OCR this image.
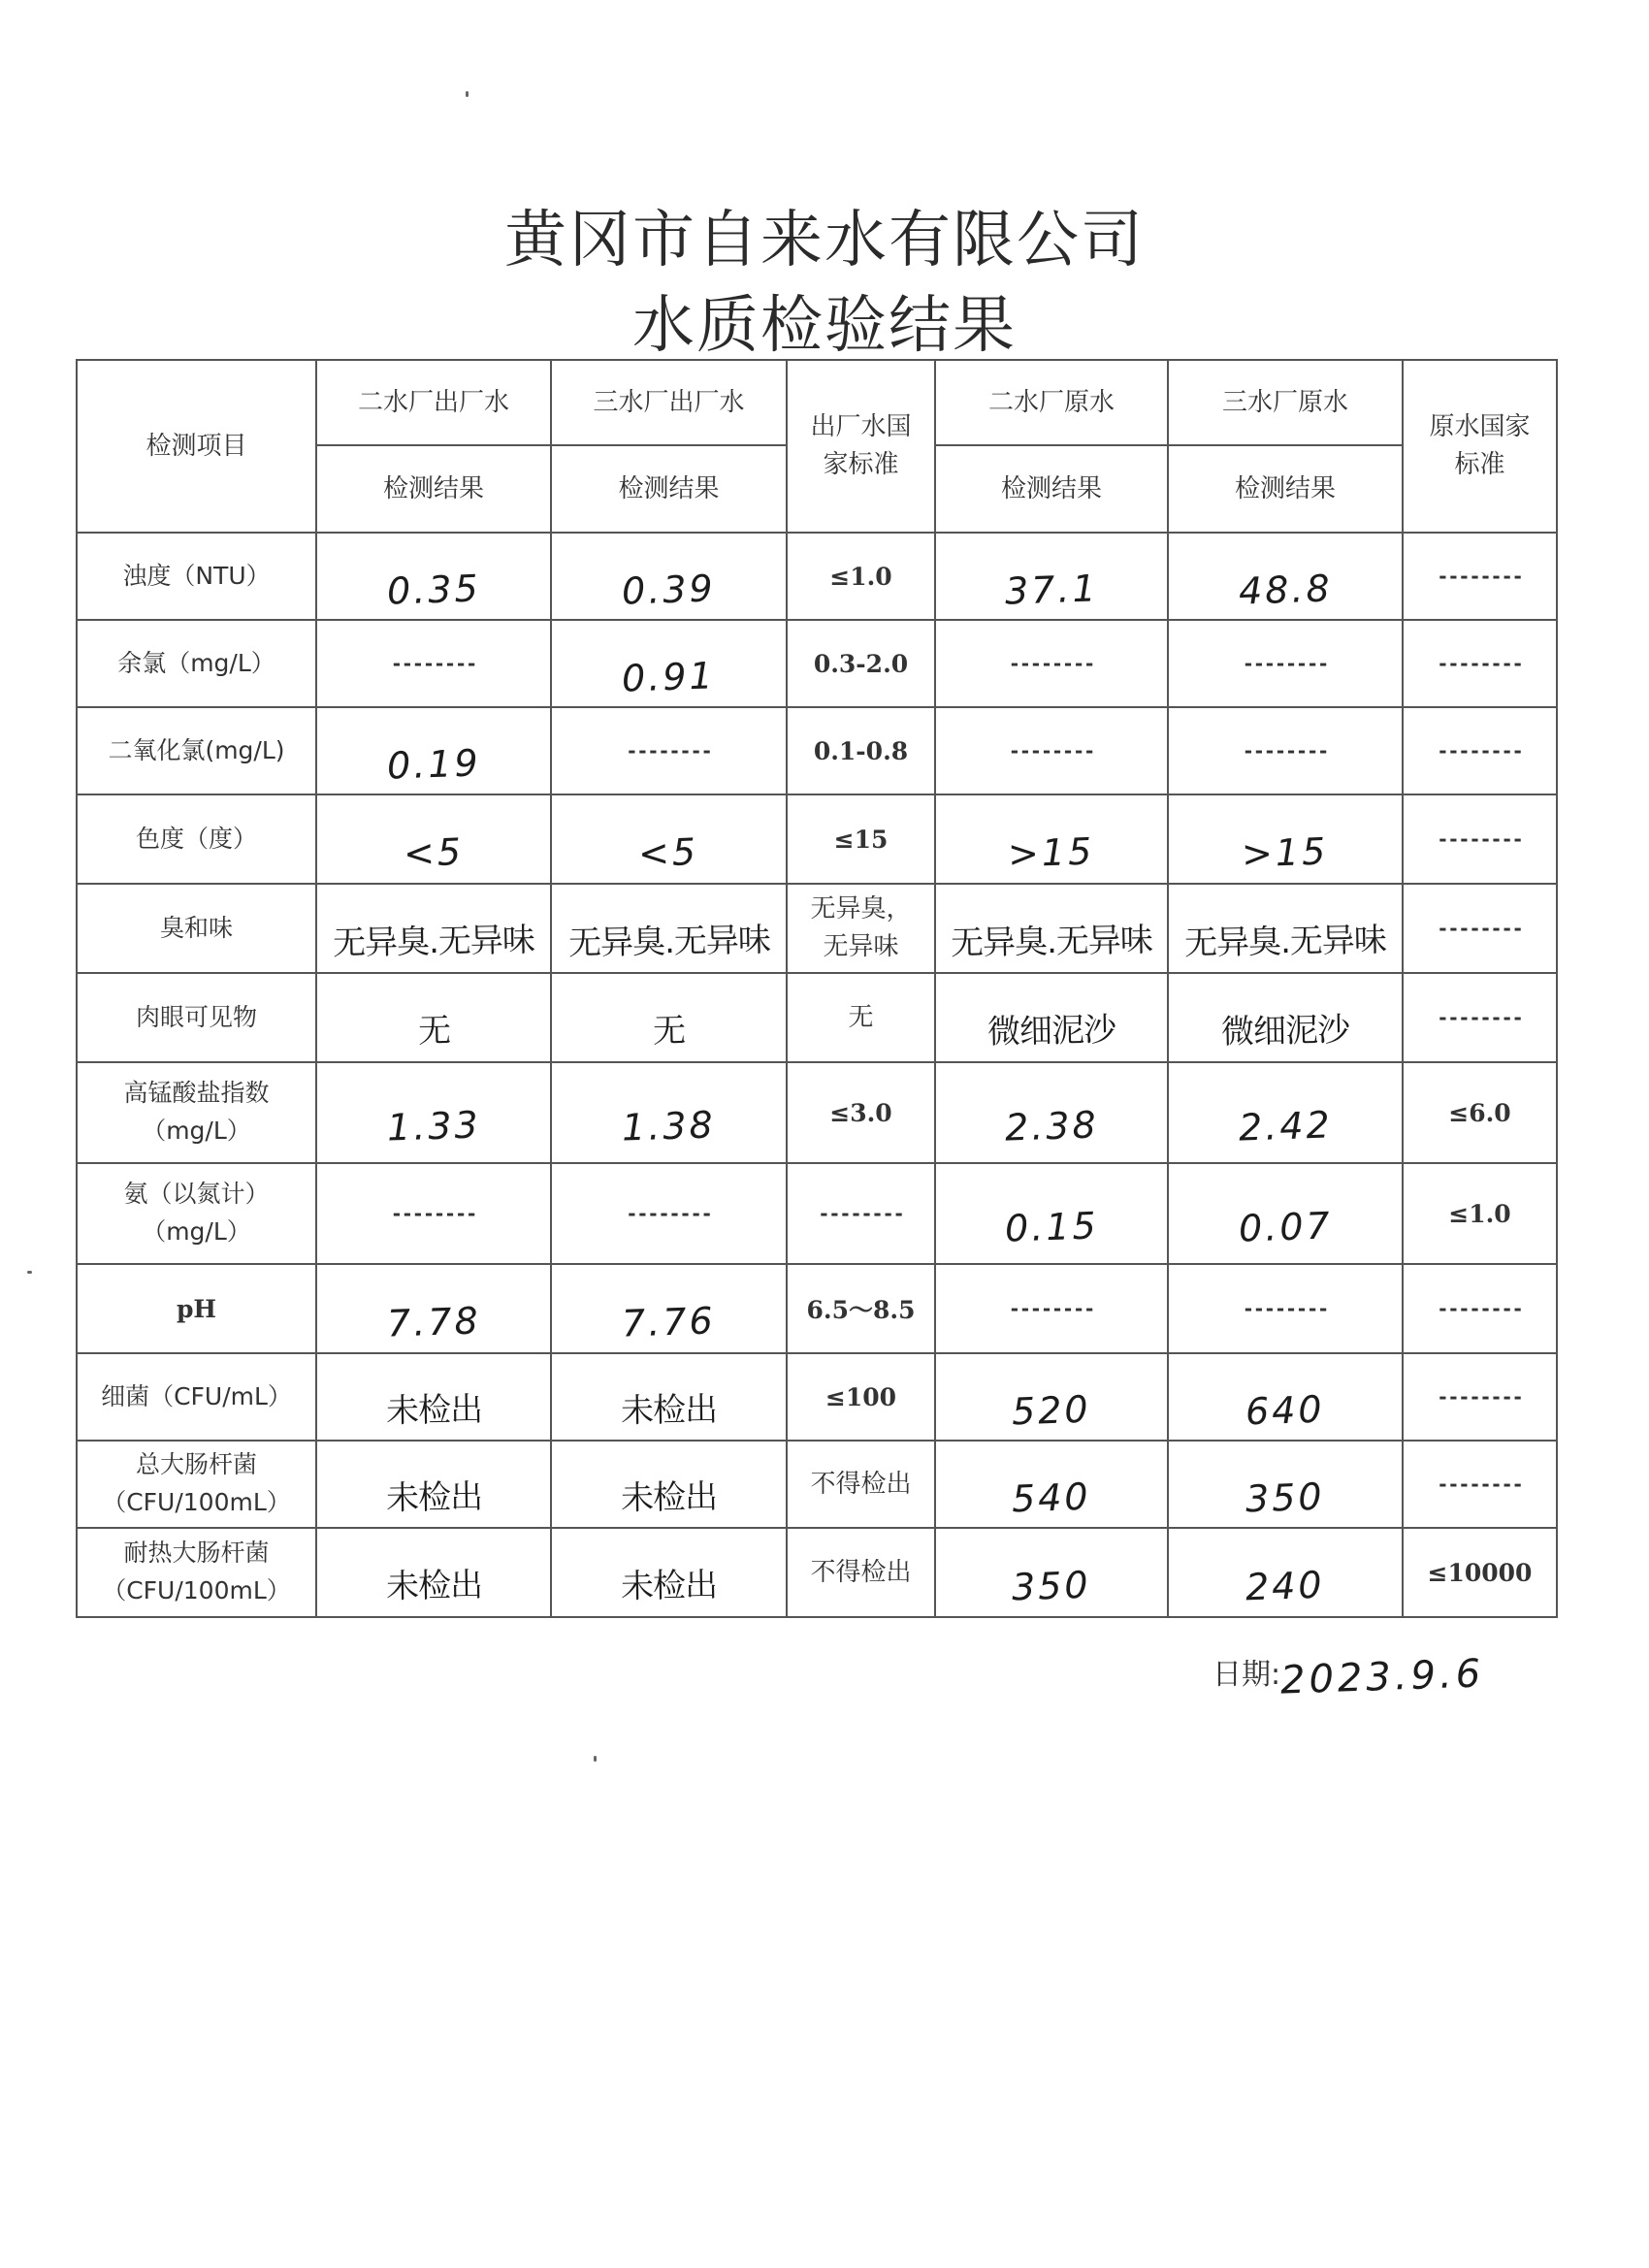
黄冈市自来水有限公司
水质检验结果
检测项目	二水厂出厂水	三水厂出厂水	出厂水国家标准	二水厂原水	三水厂原水	原水国家标准
	检测结果	检测结果		检测结果	检测结果	
浊度（NTU）	0.35	0.39	≤1.0	37.1	48.8	--------
余氯（mg/L）	--------	0.91	0.3-2.0	--------	--------	--------
二氧化氯(mg/L)	0.19	--------	0.1-0.8	--------	--------	--------
色度（度）	<5	<5	≤15	>15	>15	--------
臭和味	无异臭.无异味	无异臭.无异味	无异臭，无异味	无异臭.无异味	无异臭.无异味	--------
肉眼可见物	无	无	无	微细泥沙	微细泥沙	--------
高锰酸盐指数（mg/L）	1.33	1.38	≤3.0	2.38	2.42	≤6.0
氨（以氮计）（mg/L）	--------	--------	--------	0.15	0.07	≤1.0
pH	7.78	7.76	6.5～8.5	--------	--------	--------
细菌（CFU/mL）	未检出	未检出	≤100	520	640	--------
总大肠杆菌（CFU/100mL）	未检出	未检出	不得检出	540	350	--------
耐热大肠杆菌（CFU/100mL）	未检出	未检出	不得检出	350	240	≤10000
日期:2023.9.6
